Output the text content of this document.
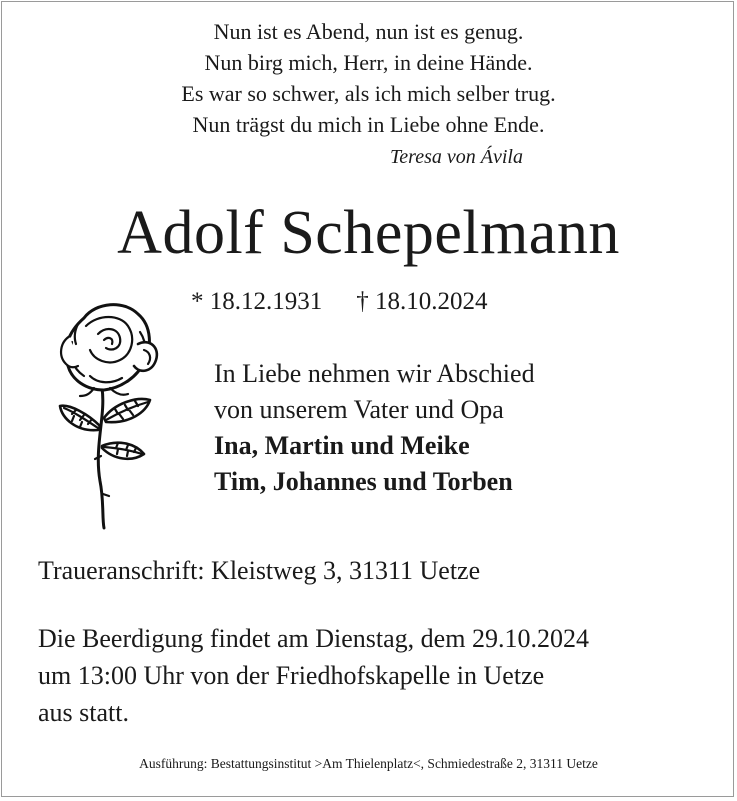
Nun ist es Abend, nun ist es genug.
Nun birg mich, Herr, in deine Hände.
Es war so schwer, als ich mich selber trug.
Nun trägst du mich in Liebe ohne Ende.
Teresa von Ávila
Adolf Schepelmann
* 18.12.1931 † 18.10.2024
In Liebe nehmen wir Abschied
von unserem Vater und Opa
Ina, Martin und Meike
Tim, Johannes und Torben
Traueranschrift: Kleistweg 3, 31311 Uetze
Die Beerdigung findet am Dienstag, dem 29.10.2024
um 13:00 Uhr von der Friedhofskapelle in Uetze
aus statt.
Ausführung: Bestattungsinstitut >Am Thielenplatz<, Schmiedestraße 2, 31311 Uetze
